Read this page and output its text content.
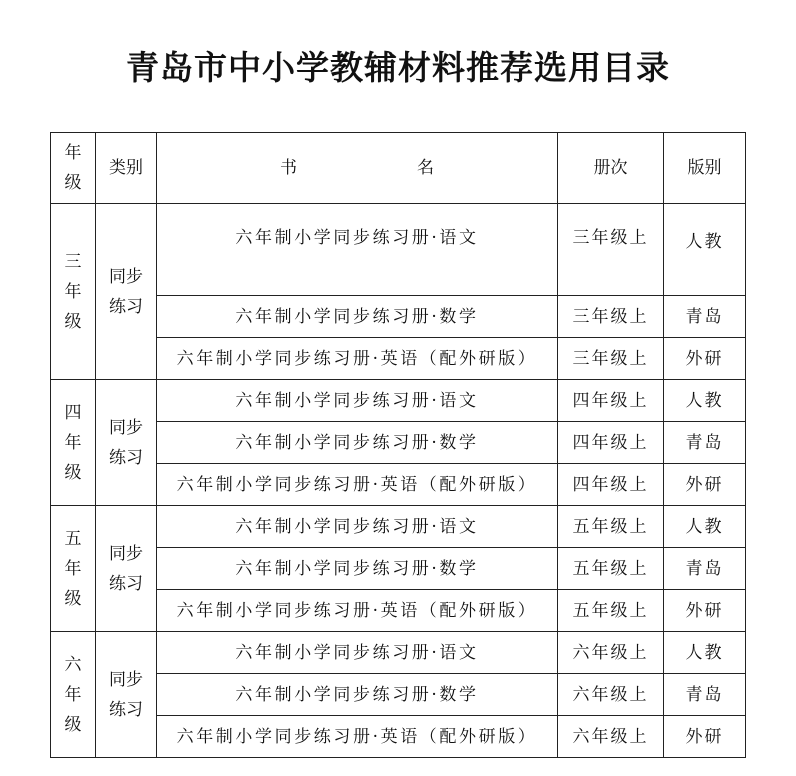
青岛市中小学教辅材料推荐选用目录
年级	类别	书名	册次	版别
三年级	同步练习	六年制小学同步练习册·语文	三年级上	人教
		六年制小学同步练习册·数学	三年级上	青岛
		六年制小学同步练习册·英语（配外研版）	三年级上	外研
四年级	同步练习	六年制小学同步练习册·语文	四年级上	人教
		六年制小学同步练习册·数学	四年级上	青岛
		六年制小学同步练习册·英语（配外研版）	四年级上	外研
五年级	同步练习	六年制小学同步练习册·语文	五年级上	人教
		六年制小学同步练习册·数学	五年级上	青岛
		六年制小学同步练习册·英语（配外研版）	五年级上	外研
六年级	同步练习	六年制小学同步练习册·语文	六年级上	人教
		六年制小学同步练习册·数学	六年级上	青岛
		六年制小学同步练习册·英语（配外研版）	六年级上	外研
